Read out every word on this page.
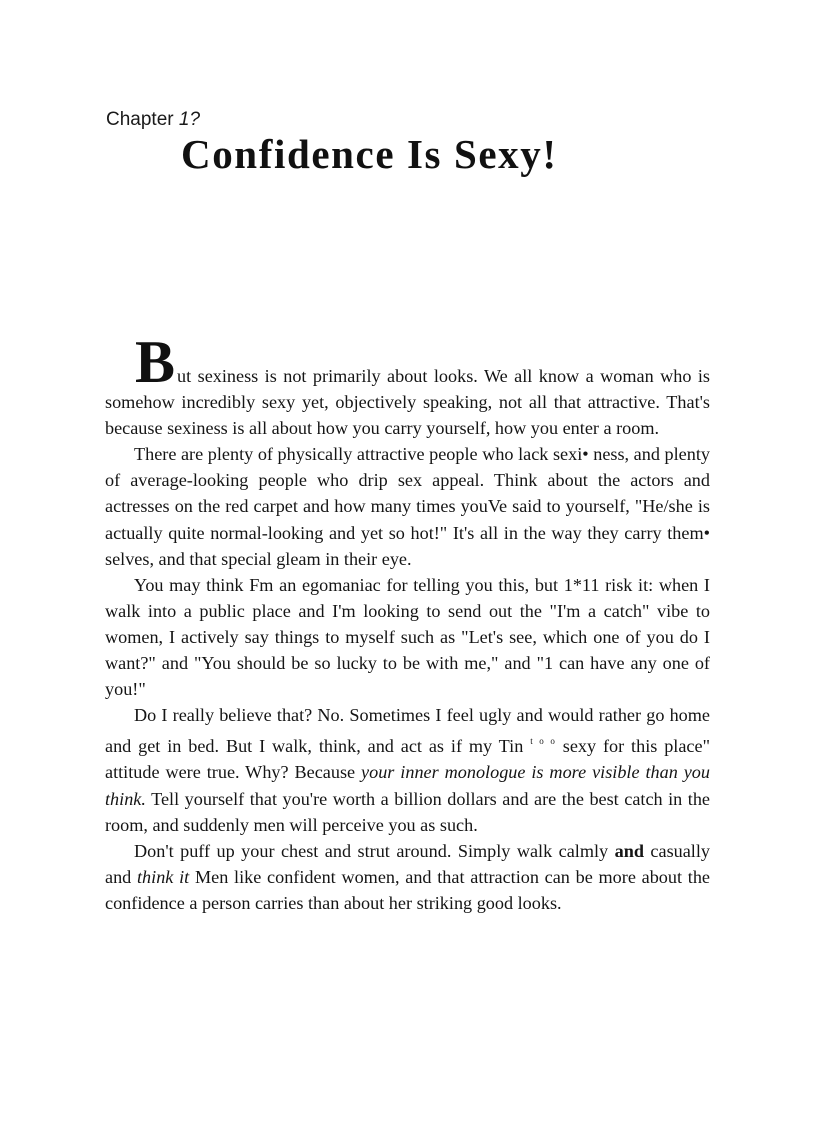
Chapter 1?
Confidence Is Sexy!

But sexiness is not primarily about looks. We all know a woman who is somehow incredibly sexy yet, objectively speaking, not all that attractive. That's because sexiness is all about how you carry yourself, how you enter a room.

There are plenty of physically attractive people who lack sexi• ness, and plenty of average-looking people who drip sex appeal. Think about the actors and actresses on the red carpet and how many times youVe said to yourself, "He/she is actually quite normal-looking and yet so hot!" It's all in the way they carry them• selves, and that special gleam in their eye.

You may think Fm an egomaniac for telling you this, but 1*11 risk it: when I walk into a public place and I'm looking to send out the "I'm a catch" vibe to women, I actively say things to myself such as "Let's see, which one of you do I want?" and "You should be so lucky to be with me," and "1 can have any one of you!"

Do I really believe that? No. Sometimes I feel ugly and would rather go home and get in bed. But I walk, think, and act as if my Tin $^{t o o}$ sexy for this place" attitude were true. Why? Because your inner monologue is more visible than you think. Tell yourself that you're worth a billion dollars and are the best catch in the room, and suddenly men will perceive you as such.

Don't puff up your chest and strut around. Simply walk calmly and casually and think it Men like confident women, and that attraction can be more about the confidence a person carries than about her striking good looks.
